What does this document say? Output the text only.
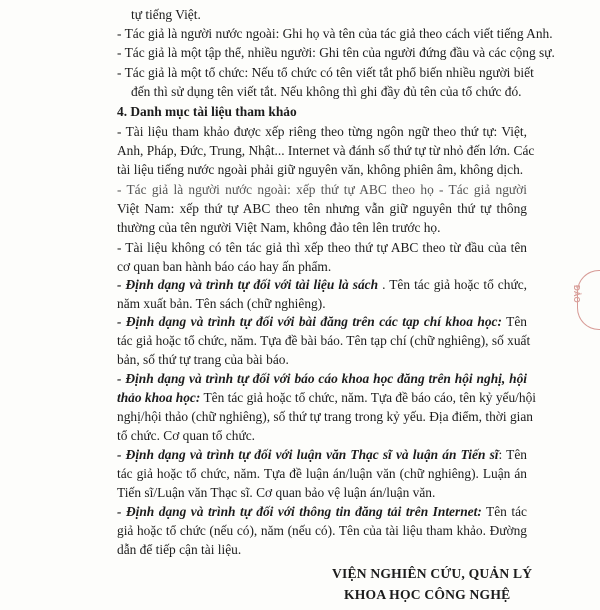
tự tiếng Việt.
- Tác giả là người nước ngoài: Ghi họ và tên của tác giả theo cách viết tiếng Anh.
- Tác giả là một tập thể, nhiều người: Ghi tên của người đứng đầu và các cộng sự.
- Tác giả là một tổ chức: Nếu tổ chức có tên viết tắt phổ biến nhiều người biết
đến thì sử dụng tên viết tắt. Nếu không thì ghi đầy đủ tên của tổ chức đó.
4. Danh mục tài liệu tham khảo
- Tài liệu tham khảo được xếp riêng theo từng ngôn ngữ theo thứ tự: Việt,
Anh, Pháp, Đức, Trung, Nhật... Internet và đánh số thứ tự từ nhỏ đến lớn. Các
tài liệu tiếng nước ngoài phải giữ nguyên văn, không phiên âm, không dịch.
- Tác giả là người nước ngoài: xếp thứ tự ABC theo họ - Tác giả người
Việt Nam: xếp thứ tự ABC theo tên nhưng vẫn giữ nguyên thứ tự thông
thường của tên người Việt Nam, không đảo tên lên trước họ.
- Tài liệu không có tên tác giả thì xếp theo thứ tự ABC theo từ đầu của tên
cơ quan ban hành báo cáo hay ấn phẩm.
- Định dạng và trình tự đối với tài liệu là sách . Tên tác giả hoặc tổ chức,
năm xuất bản. Tên sách (chữ nghiêng).
- Định dạng và trình tự đối với bài đăng trên các tạp chí khoa học: Tên
tác giả hoặc tổ chức, năm. Tựa đề bài báo. Tên tạp chí (chữ nghiêng), số xuất
bản, số thứ tự trang của bài báo.
- Định dạng và trình tự đối với báo cáo khoa học đăng trên hội nghị, hội
thảo khoa học: Tên tác giả hoặc tổ chức, năm. Tựa đề báo cáo, tên kỷ yếu/hội
nghị/hội thảo (chữ nghiêng), số thứ tự trang trong kỷ yếu. Địa điểm, thời gian
tổ chức. Cơ quan tổ chức.
- Định dạng và trình tự đối với luận văn Thạc sĩ và luận án Tiến sĩ: Tên
tác giả hoặc tổ chức, năm. Tựa đề luận án/luận văn (chữ nghiêng). Luận án
Tiến sĩ/Luận văn Thạc sĩ. Cơ quan bảo vệ luận án/luận văn.
- Định dạng và trình tự đối với thông tin đăng tải trên Internet: Tên tác
giả hoặc tổ chức (nếu có), năm (nếu có). Tên của tài liệu tham khảo. Đường
dẫn để tiếp cận tài liệu.
ĐẢO
VIỆN NGHIÊN CỨU, QUẢN LÝ
KHOA HỌC CÔNG NGHỆ
